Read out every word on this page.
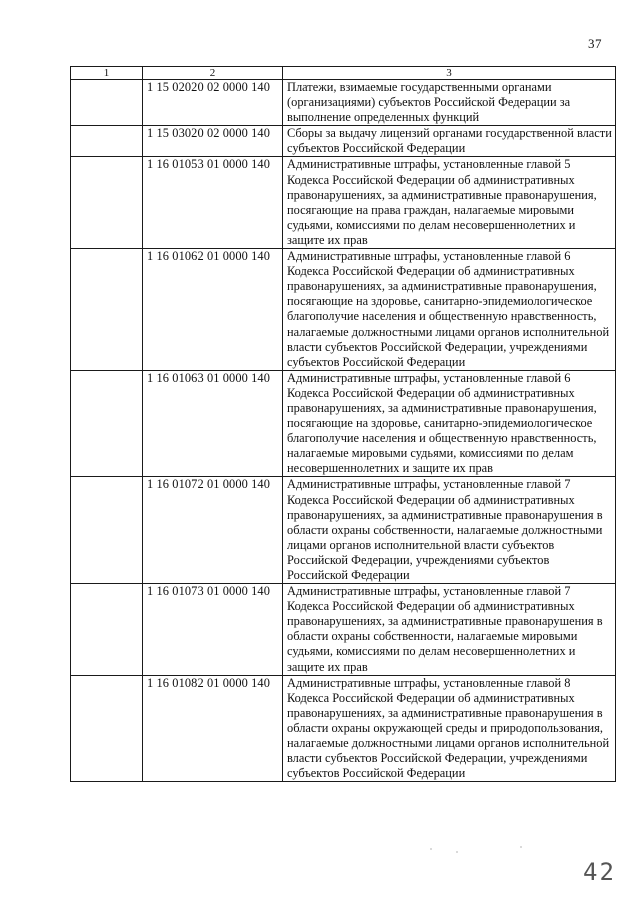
37
1	2	3
	1 15 02020 02 0000 140	Платежи, взимаемые государственными органами (организациями) субъектов Российской Федерации за выполнение определенных функций
	1 15 03020 02 0000 140	Сборы за выдачу лицензий органами государственной власти субъектов Российской Федерации
	1 16 01053 01 0000 140	Административные штрафы, установленные главой 5 Кодекса Российской Федерации об административных правонарушениях, за административные правонарушения, посягающие на права граждан, налагаемые мировыми судьями, комиссиями по делам несовершеннолетних и защите их прав
	1 16 01062 01 0000 140	Административные штрафы, установленные главой 6 Кодекса Российской Федерации об административных правонарушениях, за административные правонарушения, посягающие на здоровье, санитарно-эпидемиологическое благополучие населения и общественную нравственность, налагаемые должностными лицами органов исполнительной власти субъектов Российской Федерации, учреждениями субъектов Российской Федерации
	1 16 01063 01 0000 140	Административные штрафы, установленные главой 6 Кодекса Российской Федерации об административных правонарушениях, за административные правонарушения, посягающие на здоровье, санитарно-эпидемиологическое благополучие населения и общественную нравственность, налагаемые мировыми судьями, комиссиями по делам несовершеннолетних и защите их прав
	1 16 01072 01 0000 140	Административные штрафы, установленные главой 7 Кодекса Российской Федерации об административных правонарушениях, за административные правонарушения в области охраны собственности, налагаемые должностными лицами органов исполнительной власти субъектов Российской Федерации, учреждениями субъектов Российской Федерации
	1 16 01073 01 0000 140	Административные штрафы, установленные главой 7 Кодекса Российской Федерации об административных правонарушениях, за административные правонарушения в области охраны собственности, налагаемые мировыми судьями, комиссиями по делам несовершеннолетних и защите их прав
	1 16 01082 01 0000 140	Административные штрафы, установленные главой 8 Кодекса Российской Федерации об административных правонарушениях, за административные правонарушения в области охраны окружающей среды и природопользования, налагаемые должностными лицами органов исполнительной власти субъектов Российской Федерации, учреждениями субъектов Российской Федерации
42
